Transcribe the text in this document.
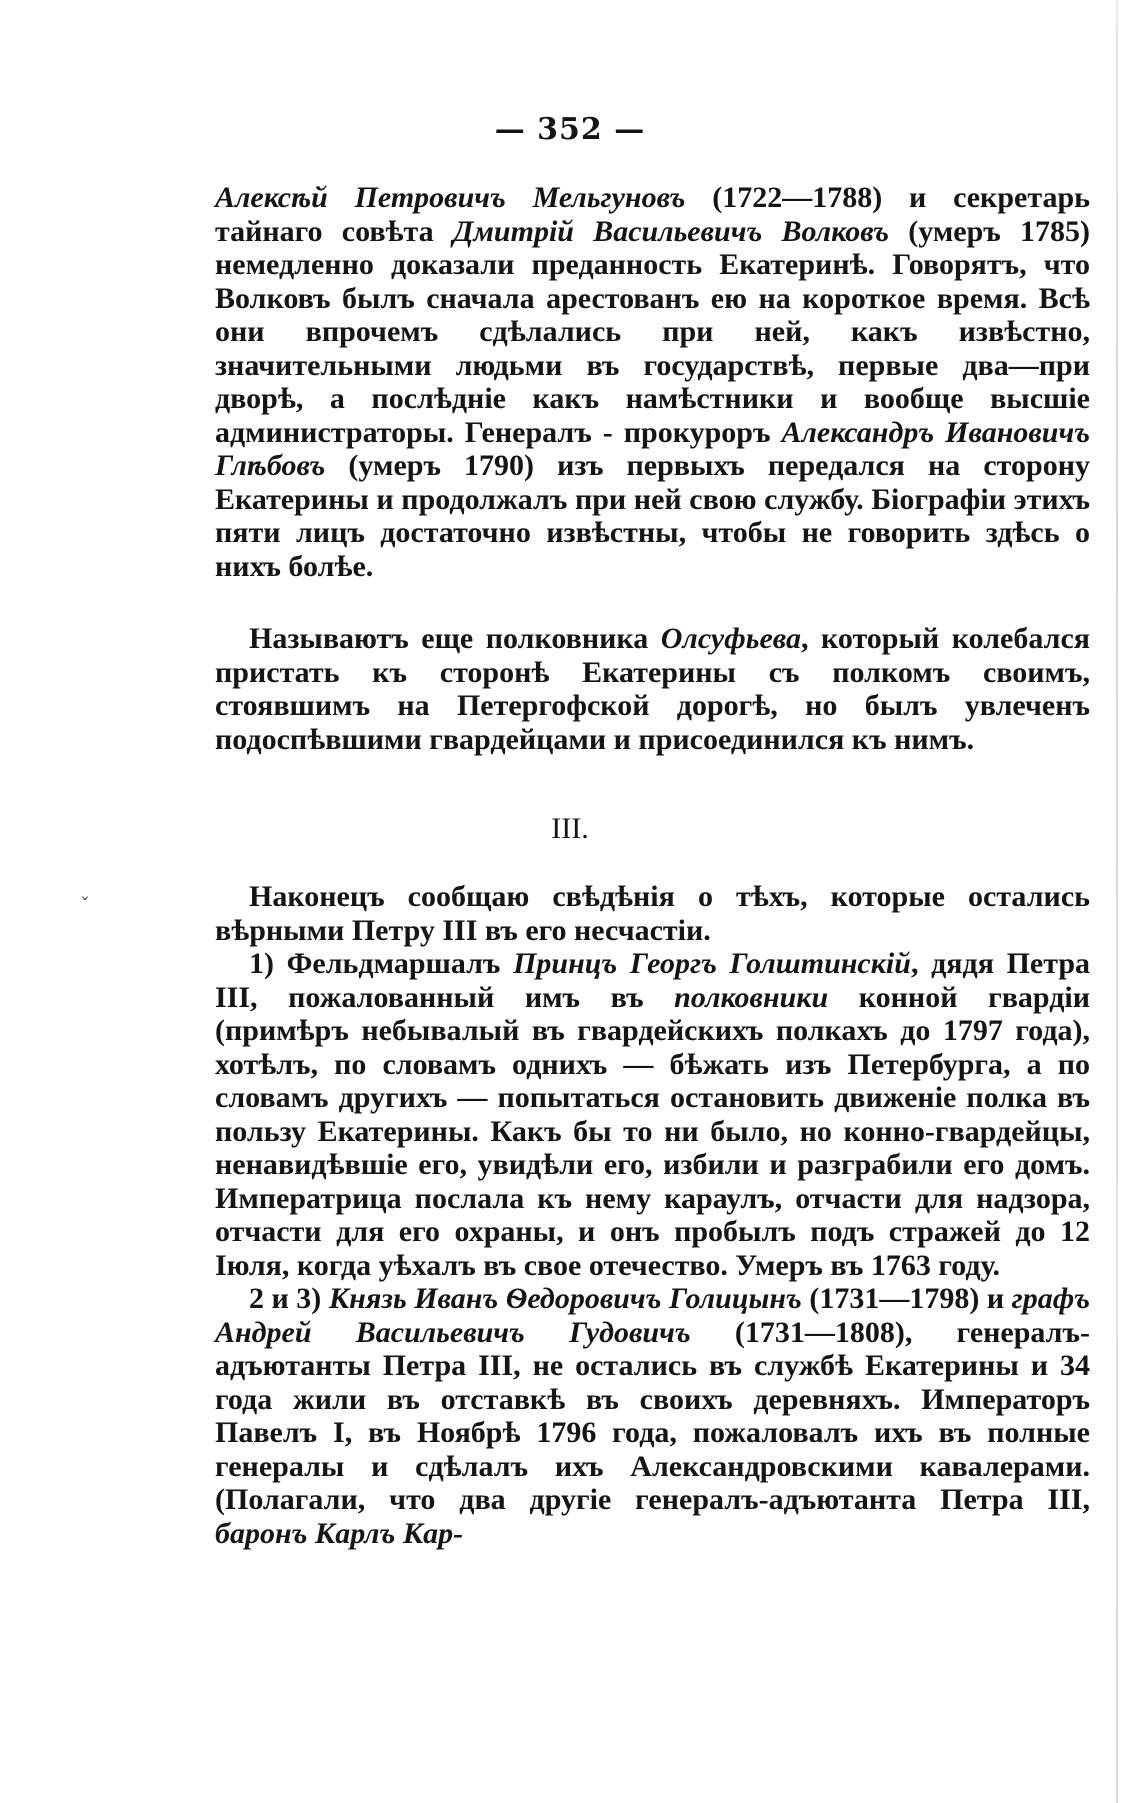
— 352 —

Алексѣй Петровичъ Мельгуновъ (1722—1788) и секретарь тайнаго совѣта Дмитрій Васильевичъ Волковъ (умеръ 1785) немедленно доказали преданность Екатеринѣ. Говорятъ, что Волковъ былъ сначала арестованъ ею на короткое время. Всѣ они впрочемъ сдѣлались при ней, какъ извѣстно, значительными людьми въ государствѣ, первые два—при дворѣ, а послѣдніе какъ намѣстники и вообще высшіе администраторы. Генералъ - прокуроръ Александръ Ивановичъ Глѣбовъ (умеръ 1790) изъ первыхъ передался на сторону Екатерины и продолжалъ при ней свою службу. Біографіи этихъ пяти лицъ достаточно извѣстны, чтобы не говорить здѣсь о нихъ болѣе.

Называютъ еще полковника Олсуфьева, который колебался пристать къ сторонѣ Екатерины съ полкомъ своимъ, стоявшимъ на Петергофской дорогѣ, но былъ увлеченъ подоспѣвшими гвардейцами и присоединился къ нимъ.

III.
ˇ	Наконецъ сообщаю свѣдѣнія о тѣхъ, которые остались вѣрными Петру III въ его несчастіи.

1) Фельдмаршалъ Принцъ Георгъ Голштинскій, дядя Петра III, пожалованный имъ въ полковники конной гвардіи (примѣръ небывалый въ гвардейскихъ полкахъ до 1797 года), хотѣлъ, по словамъ однихъ — бѣжать изъ Петербурга, а по словамъ другихъ — попытаться остановить движеніе полка въ пользу Екатерины. Какъ бы то ни было, но конно-гвардейцы, ненавидѣвшіе его, увидѣли его, избили и разграбили его домъ. Императрица послала къ нему караулъ, отчасти для надзора, отчасти для его охраны, и онъ пробылъ подъ стражей до 12 Іюля, когда уѣхалъ въ свое отечество. Умеръ въ 1763 году.

2 и 3) Князь Иванъ Ѳедоровичъ Голицынъ (1731—1798) и графъ Андрей Васильевичъ Гудовичъ (1731—1808), генералъ-адъютанты Петра III, не остались въ службѣ Екатерины и 34 года жили въ отставкѣ въ своихъ деревняхъ. Императоръ Павелъ I, въ Ноябрѣ 1796 года, пожаловалъ ихъ въ полные генералы и сдѣлалъ ихъ Александровскими кавалерами. (Полагали, что два другіе генералъ-адъютанта Петра III, баронъ Карлъ Кар-
